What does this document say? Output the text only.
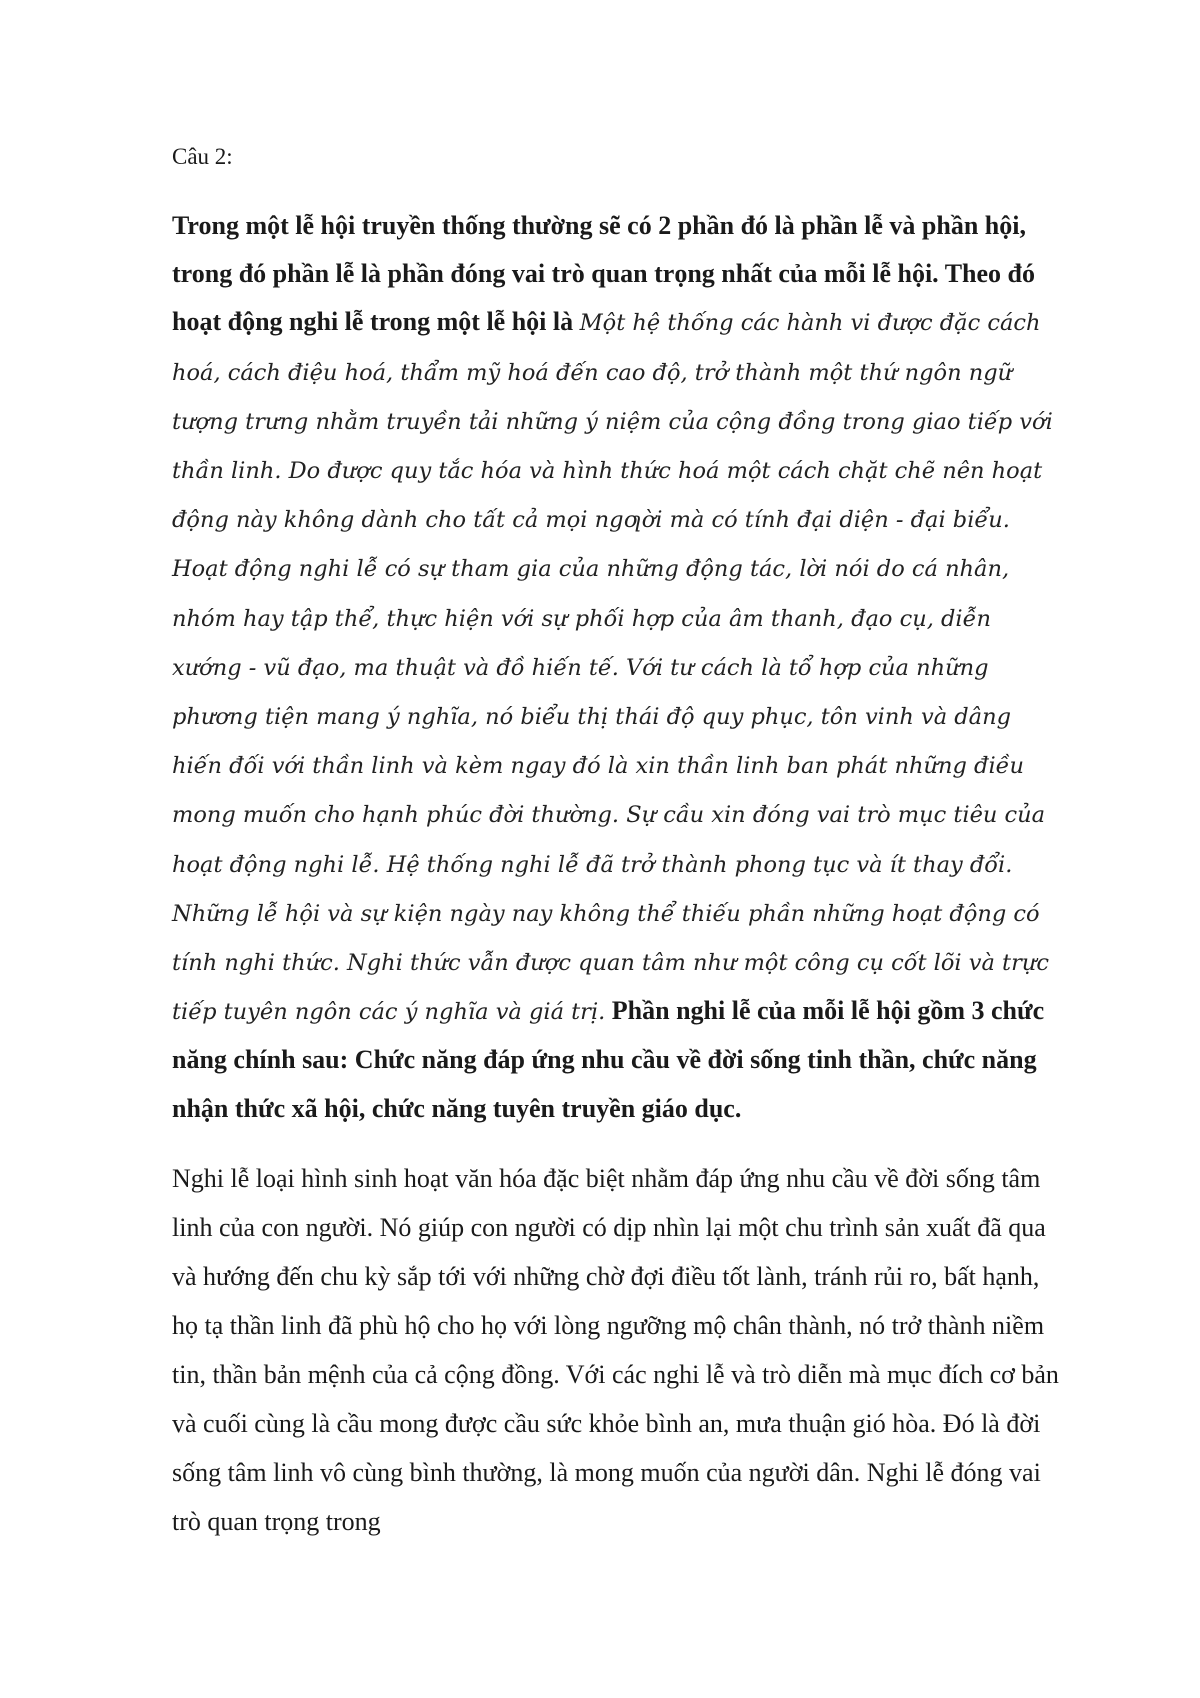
Câu 2:

Trong một lễ hội truyền thống thường sẽ có 2 phần đó là phần lễ và phần hội, trong đó phần lễ là phần đóng vai trò quan trọng nhất của mỗi lễ hội. Theo đó hoạt động nghi lễ trong một lễ hội là Một hệ thống các hành vi được đặc cách hoá, cách điệu hoá, thẩm mỹ hoá đến cao độ, trở thành một thứ ngôn ngữ tượng trưng nhằm truyền tải những ý niệm của cộng đồng trong giao tiếp với thần linh. Do được quy tắc hóa và hình thức hoá một cách chặt chẽ nên hoạt động này không dành cho tất cả mọi ngƣời mà có tính đại diện - đại biểu. Hoạt động nghi lễ có sự tham gia của những động tác, lời nói do cá nhân, nhóm hay tập thể, thực hiện với sự phối hợp của âm thanh, đạo cụ, diễn xướng - vũ đạo, ma thuật và đồ hiến tế. Với tư cách là tổ hợp của những phương tiện mang ý nghĩa, nó biểu thị thái độ quy phục, tôn vinh và dâng hiến đối với thần linh và kèm ngay đó là xin thần linh ban phát những điều mong muốn cho hạnh phúc đời thường. Sự cầu xin đóng vai trò mục tiêu của hoạt động nghi lễ. Hệ thống nghi lễ đã trở thành phong tục và ít thay đổi. Những lễ hội và sự kiện ngày nay không thể thiếu phần những hoạt động có tính nghi thức. Nghi thức vẫn được quan tâm như một công cụ cốt lõi và trực tiếp tuyên ngôn các ý nghĩa và giá trị. Phần nghi lễ của mỗi lễ hội gồm 3 chức năng chính sau: Chức năng đáp ứng nhu cầu về đời sống tinh thần, chức năng nhận thức xã hội, chức năng tuyên truyền giáo dục.

Nghi lễ loại hình sinh hoạt văn hóa đặc biệt nhằm đáp ứng nhu cầu về đời sống tâm linh của con người. Nó giúp con người có dịp nhìn lại một chu trình sản xuất đã qua và hướng đến chu kỳ sắp tới với những chờ đợi điều tốt lành, tránh rủi ro, bất hạnh, họ tạ thần linh đã phù hộ cho họ với lòng ngưỡng mộ chân thành, nó trở thành niềm tin, thần bản mệnh của cả cộng đồng. Với các nghi lễ và trò diễn mà mục đích cơ bản và cuối cùng là cầu mong được cầu sức khỏe bình an, mưa thuận gió hòa. Đó là đời sống tâm linh vô cùng bình thường, là mong muốn của người dân. Nghi lễ đóng vai trò quan trọng trong
